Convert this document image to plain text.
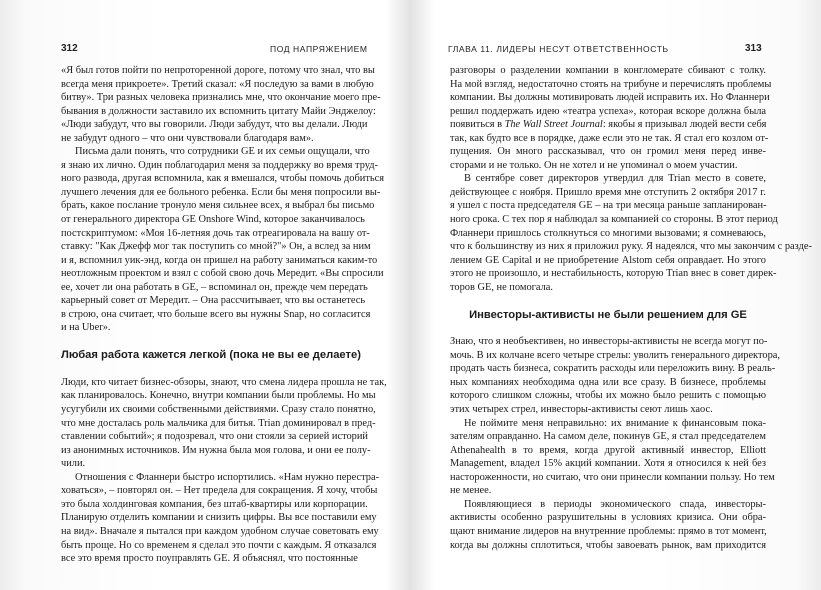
312	ПОД НАПРЯЖЕНИЕМ
«Я был готов пойти по непроторенной дороге, потому что знал, что вы
всегда меня прикроете». Третий сказал: «Я последую за вами в любую
битву». Три разных человека признались мне, что окончание моего пре-
бывания в должности заставило их вспомнить цитату Майи Энджелоу:
«Люди забудут, что вы говорили. Люди забудут, что вы делали. Люди
не забудут одного – что они чувствовали благодаря вам».
Письма дали понять, что сотрудники GE и их семьи ощущали, что
я знаю их лично. Один поблагодарил меня за поддержку во время труд-
ного развода, другая вспомнила, как я вмешался, чтобы помочь добиться
лучшего лечения для ее больного ребенка. Если бы меня попросили вы-
брать, какое послание тронуло меня сильнее всех, я выбрал бы письмо
от генерального директора GE Onshore Wind, которое заканчивалось
постскриптумом: «Моя 16-летняя дочь так отреагировала на вашу от-
ставку: "Как Джефф мог так поступить со мной?"» Он, а вслед за ним
и я, вспомнил уик-энд, когда он пришел на работу заниматься каким-то
неотложным проектом и взял с собой свою дочь Мередит. «Вы спросили
ее, хочет ли она работать в GE, – вспоминал он, прежде чем передать
карьерный совет от Мередит. – Она рассчитывает, что вы останетесь
в строю, она считает, что больше всего вы нужны Snap, но согласится
и на Uber».

Любая работа кажется легкой (пока не вы ее делаете)

Люди, кто читает бизнес-обзоры, знают, что смена лидера прошла не так,
как планировалось. Конечно, внутри компании были проблемы. Но мы
усугубили их своими собственными действиями. Сразу стало понятно,
что мне досталась роль мальчика для битья. Trian доминировал в пред-
ставлении событий»; я подозревал, что они стояли за серией историй
из анонимных источников. Им нужна была моя голова, и они ее полу-
чили.
Отношения с Фланнери быстро испортились. «Нам нужно перестра-
ховаться», – повторял он. – Нет предела для сокращения. Я хочу, чтобы
это была холдинговая компания, без штаб-квартиры или корпорации.
Планирую отделить компании и снизить цифры. Вы все поставили ему
на вид». Вначале я пытался при каждом удобном случае советовать ему
быть проще. Но со временем я сделал это почти с каждым. Я отказался
все это время просто поуправлять GE. Я объяснял, что постоянные
ГЛАВА 11. ЛИДЕРЫ НЕСУТ ОТВЕТСТВЕННОСТЬ	313
разговоры о разделении компании в конгломерате сбивают с толку.
На мой взгляд, недостаточно стоять на трибуне и перечислять проблемы
компании. Вы должны мотивировать людей исправить их. Но Фланнери
решил поддержать идею «театра успеха», которая вскоре должна была
появиться в The Wall Street Journal: якобы я призывал людей вести себя
так, как будто все в порядке, даже если это не так. Я стал его козлом от-
пущения. Он много рассказывал, что он громил меня перед инве-
сторами и не только. Он не хотел и не упоминал о моем участии.
В сентябре совет директоров утвердил для Trian место в совете,
действующее с ноября. Пришло время мне отступить 2 октября 2017 г.
я ушел с поста председателя GE – на три месяца раньше запланирован-
ного срока. С тех пор я наблюдал за компанией со стороны. В этот период
Фланнери пришлось столкнуться со многими вызовами; я сомневаюсь,
что к большинству из них я приложил руку. Я надеялся, что мы закончим с разде-
лением GE Capital и не приобретение Alstom себя оправдает. Но этого
этого не произошло, и нестабильность, которую Trian внес в совет дирек-
торов GE, не помогала.

Инвесторы-активисты не были решением для GE

Знаю, что я необъективен, но инвесторы-активисты не всегда могут по-
мочь. В их колчане всего четыре стрелы: уволить генерального директора,
продать часть бизнеса, сократить расходы или переложить вину. В реаль-
ных компаниях необходима одна или все сразу. В бизнесе, проблемы
которого слишком сложны, чтобы их можно было решить с помощью
этих четырех стрел, инвесторы-активисты сеют лишь хаос.
Не поймите меня неправильно: их внимание к финансовым пока-
зателям оправданно. На самом деле, покинув GE, я стал председателем
Athenahealth в то время, когда другой активный инвестор, Elliott
Management, владел 15% акций компании. Хотя я относился к ней без
настороженности, но считаю, что они принесли компании пользу. Но тем
не менее.
Появляющиеся в периоды экономического спада, инвесторы-
активисты особенно разрушительны в условиях кризиса. Они обра-
щают внимание лидеров на внутренние проблемы: прямо в тот момент,
когда вы должны сплотиться, чтобы завоевать рынок, вам приходится
